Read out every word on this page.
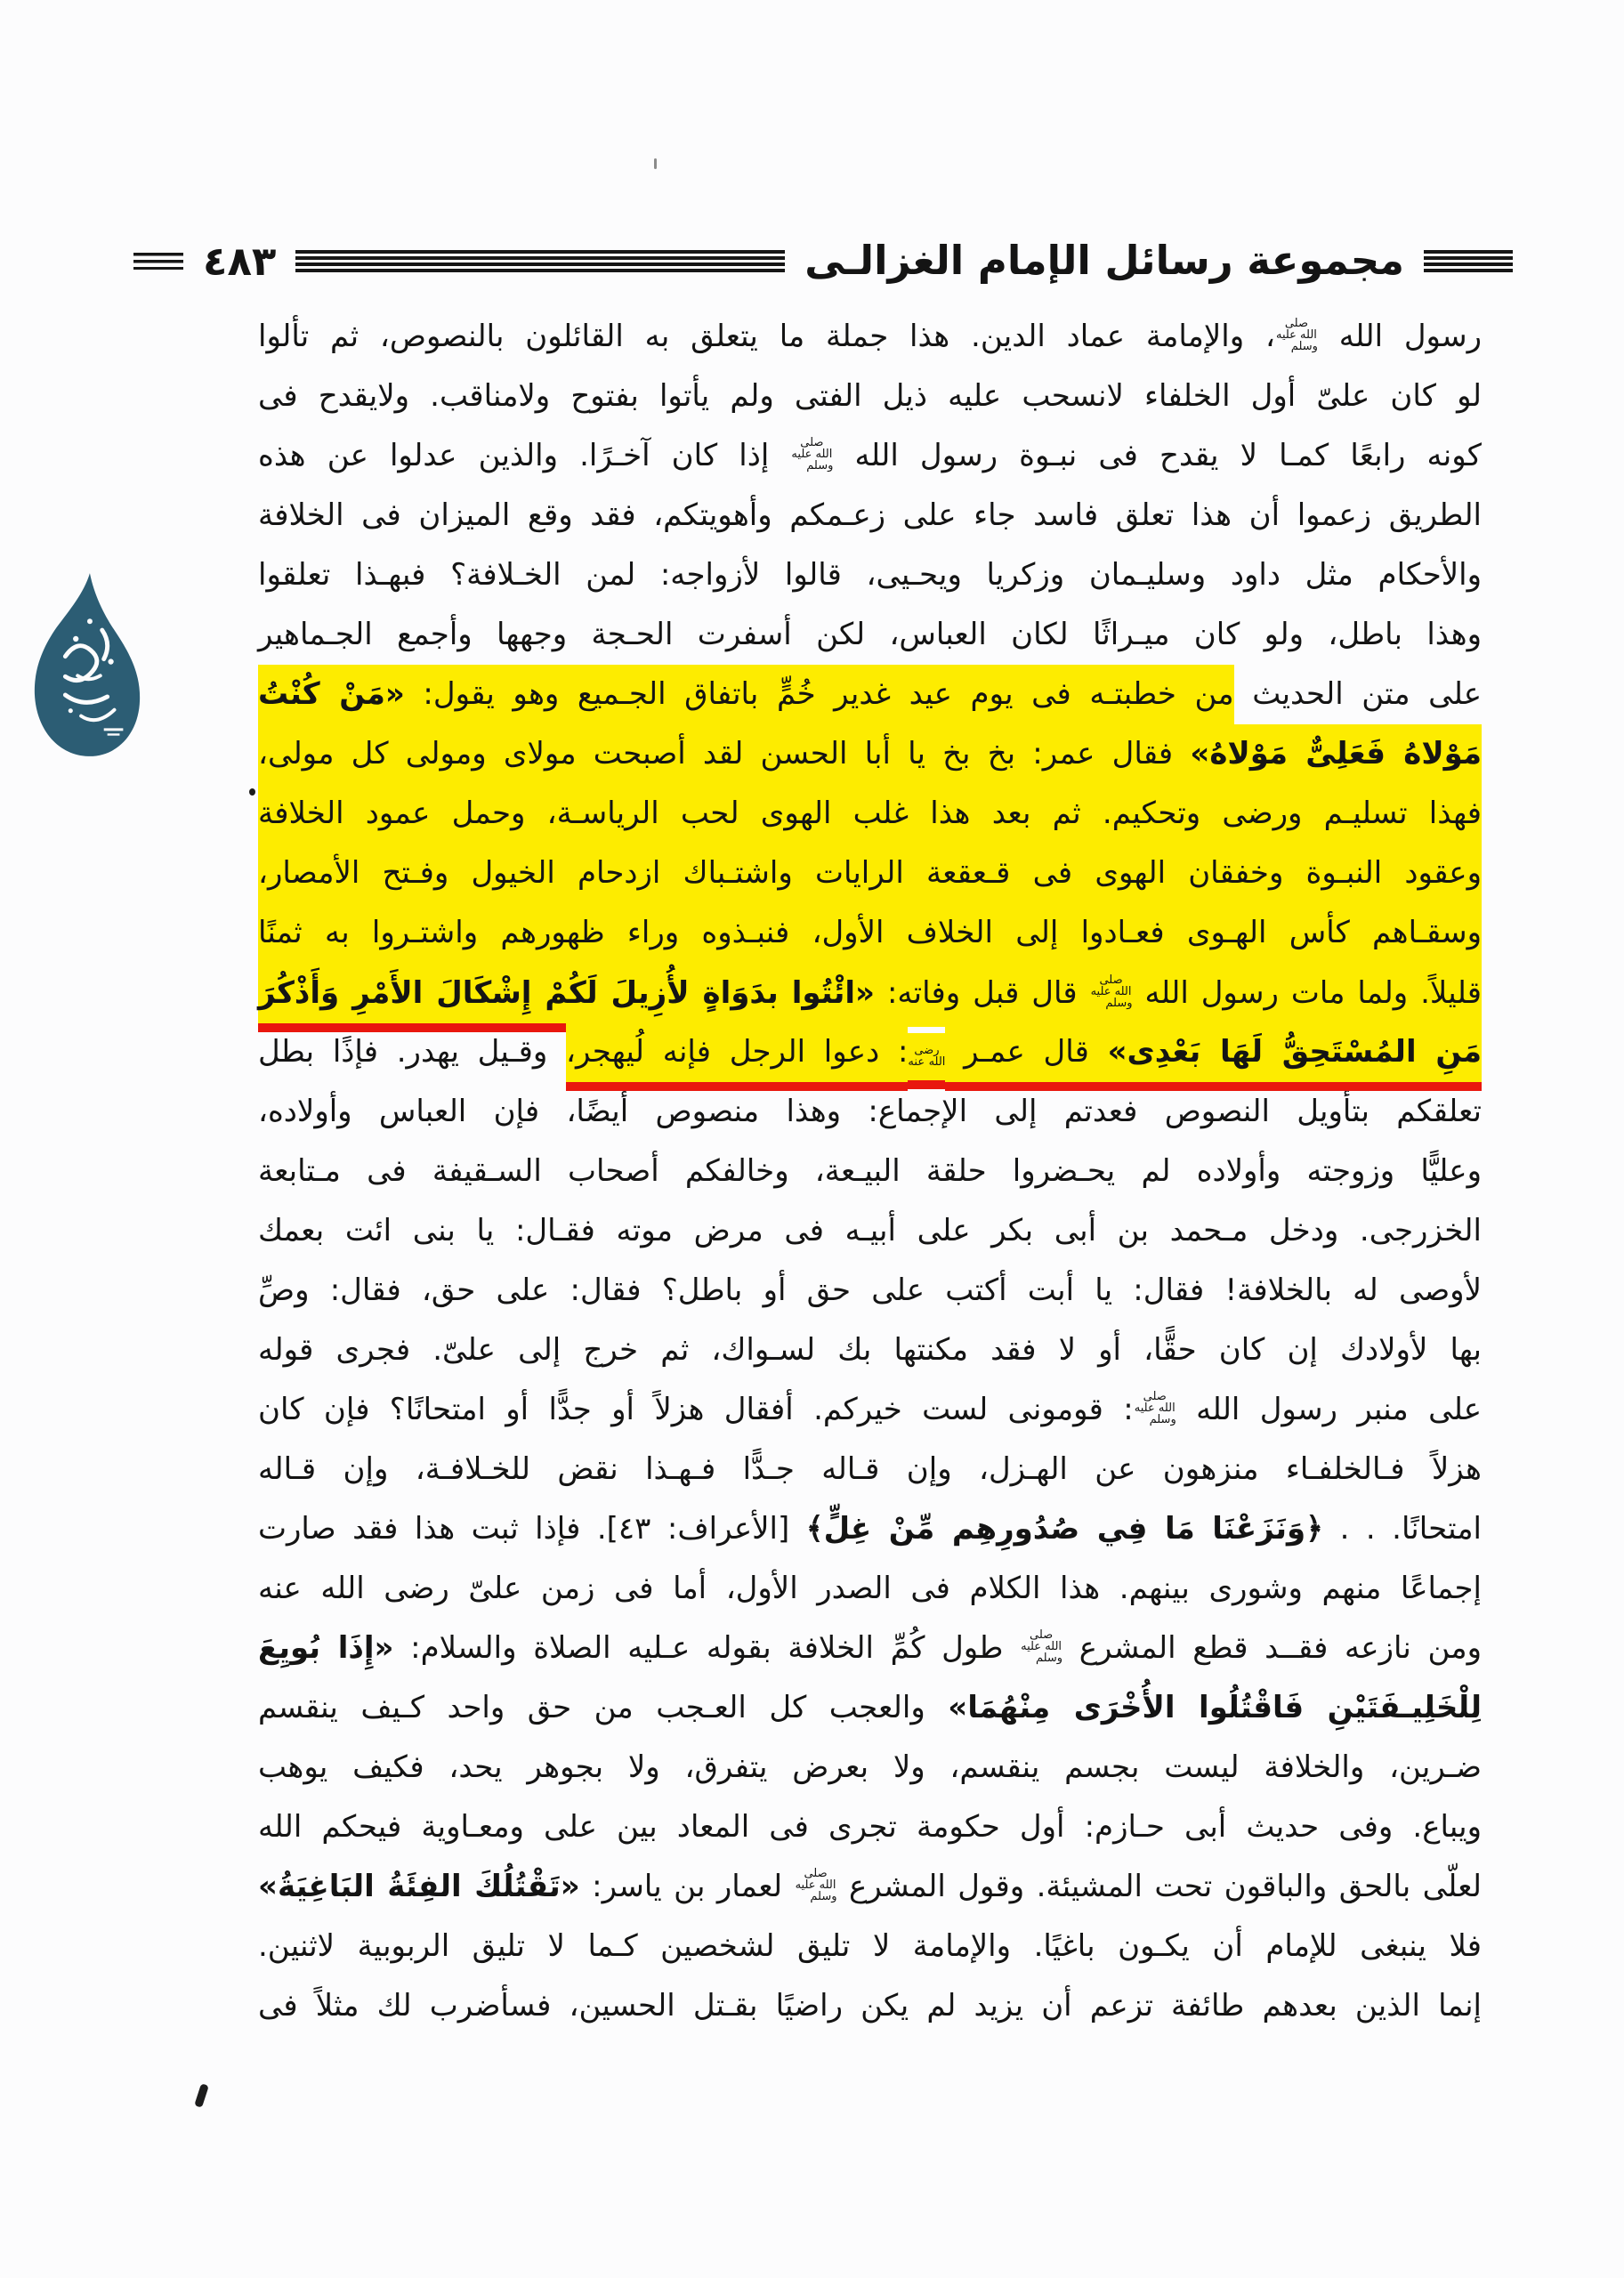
مجموعة رسائل الإمام الغزالـى
٤٨٣
رسول الله صلى الله عليه وسلم، والإمامة عماد الدين. هذا جملة ما يتعلق به القائلون بالنصوص، ثم تألوا
لو كان علىّ أول الخلفاء لانسحب عليه ذيل الفتى ولم يأتوا بفتوح ولامناقب. ولايقدح فى
كونه رابعًا كمـا لا يقدح فى نبـوة رسول الله صلى الله عليه وسلم إذا كان آخـرًا. والذين عدلوا عن هذه
الطريق زعموا أن هذا تعلق فاسد جاء على زعـمكم وأهويتكم، فقد وقع الميزان فى الخلافة
والأحكام مثل داود وسليـمان وزكريا ويحـيى، قالوا لأزواجه: لمن الخـلافة؟ فبهـذا تعلقوا
وهذا باطل، ولو كان ميـراثًا لكان العباس، لكن أسفرت الحـجة وجهها وأجمع الجـماهير
على متن الحديث من خطبتـه فى يوم عيد غدير خُمٍّ باتفاق الجـميع وهو يقول: «مَنْ كُنْتُ
مَوْلاهُ فَعَلِىٌّ مَوْلاهُ» فقال عمر: بخ بخ يا أبا الحسن لقد أصبحت مولاى ومولى كل مولى،
فهذا تسليـم ورضى وتحكيم. ثم بعد هذا غلب الهوى لحب الرياسـة، وحمل عمود الخلافة
وعقود النبـوة وخفقان الهوى فى قـعقعة الرايات واشتـباك ازدحام الخيول وفـتح الأمصار،
وسقـاهم كأس الهـوى فعـادوا إلى الخلاف الأول، فنبـذوه وراء ظهورهم واشتـروا به ثمنًا
قليلاً. ولما مات رسول الله صلى الله عليه وسلم قال قبل وفاته: «ائْتُوا بدَوَاةٍ لأُزِيلَ لَكُمْ إِشْكَالَ الأَمْرِ وَأَذْكُرَ
مَنِ المُسْتَحِقُّ لَهَا بَعْدِى» قال عمـر رضى الله عنه: دعوا الرجل فإنه لُيهجر، وقـيل يهدر. فإذًا بطل
تعلقكم بتأويل النصوص فعدتم إلى الإجماع: وهذا منصوص أيضًا، فإن العباس وأولاده،
وعليًّا وزوجته وأولاده لم يحـضروا حلقة البيـعة، وخالفكم أصحاب السـقيفة فى مـتابعة
الخزرجى. ودخل مـحمد بن أبى بكر على أبيـه فى مرض موته فقـال: يا بنى ائت بعمك
لأوصى له بالخلافة! فقال: يا أبت أكتب على حق أو باطل؟ فقال: على حق، فقال: وصِّ
بها لأولادك إن كان حقًّا، أو لا فقد مكنتها بك لسـواك، ثم خرج إلى علىّ. فجرى قوله
على منبر رسول الله صلى الله عليه وسلم: قومونى لست خيركم. أفقال هزلاً أو جدًّا أو امتحانًا؟ فإن كان
هزلاً فـالخلفـاء منزهون عن الهـزل، وإن قـاله جـدًّا فـهـذا نقض للخـلافـة، وإن قـاله
امتحانًا. . . ﴿وَنَزَعْنَا مَا فِي صُدُورِهِم مِّنْ غِلٍّ﴾ [الأعراف: ٤٣]. فإذا ثبت هذا فقد صارت
إجماعًا منهم وشورى بينهم. هذا الكلام فى الصدر الأول، أما فى زمن علىّ رضى الله عنه
ومن نازعه فقــد قطع المشرع صلى الله عليه وسلم طول كُمِّ الخلافة بقوله عـليه الصلاة والسلام: «إِذَا بُويِعَ
لِلْخَلِيـفَتَيْنِ فَاقْتُلُوا الأُخْرَى مِنْهُمَا» والعجب كل العـجب من حق واحد كـيف ينقسم
ضـرين، والخلافة ليست بجسم ينقسم، ولا بعرض يتفرق، ولا بجوهر يحد، فكيف يوهب
ويباع. وفى حديث أبى حـازم: أول حكومة تجرى فى المعاد بين على ومعـاوية فيحكم الله
لعلّى بالحق والباقون تحت المشيئة. وقول المشرع صلى الله عليه وسلم لعمار بن ياسر: «تَقْتُلُكَ الفِئَةُ البَاغِيَةُ»
فلا ينبغى للإمام أن يكـون باغيًا. والإمامة لا تليق لشخصين كـما لا تليق الربوبية لاثنين.
إنما الذين بعدهم طائفة تزعم أن يزيد لم يكن راضيًا بقـتل الحسين، فسأضرب لك مثلاً فى
